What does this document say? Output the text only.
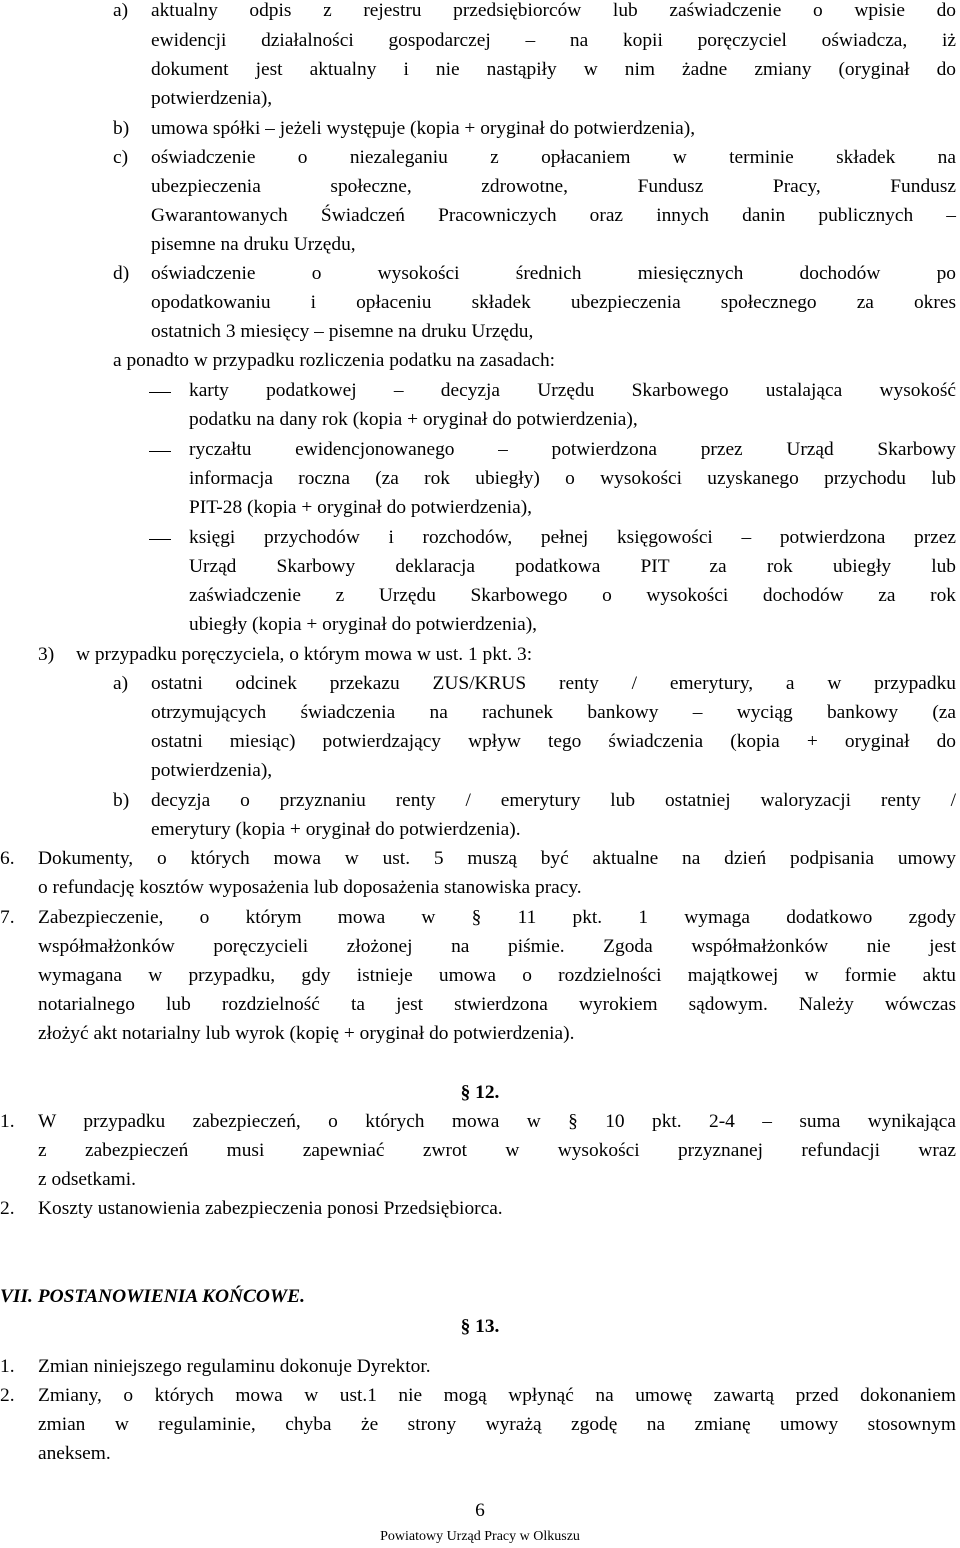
a) aktualny odpis z rejestru przedsiębiorców lub zaświadczenie o wpisie do
ewidencji działalności gospodarczej – na kopii poręczyciel oświadcza, iż
dokument jest aktualny i nie nastąpiły w nim żadne zmiany (oryginał do
potwierdzenia),
b) umowa spółki – jeżeli występuje (kopia + oryginał do potwierdzenia),
c) oświadczenie o niezaleganiu z opłacaniem w terminie składek na
ubezpieczenia społeczne, zdrowotne, Fundusz Pracy, Fundusz
Gwarantowanych Świadczeń Pracowniczych oraz innych danin publicznych –
pisemne na druku Urzędu,
d) oświadczenie o wysokości średnich miesięcznych dochodów po
opodatkowaniu i opłaceniu składek ubezpieczenia społecznego za okres
ostatnich 3 miesięcy – pisemne na druku Urzędu,
a ponadto w przypadku rozliczenia podatku na zasadach:
karty podatkowej – decyzja Urzędu Skarbowego ustalająca wysokość
podatku na dany rok (kopia + oryginał do potwierdzenia),
ryczałtu ewidencjonowanego – potwierdzona przez Urząd Skarbowy
informacja roczna (za rok ubiegły) o wysokości uzyskanego przychodu lub
PIT-28 (kopia + oryginał do potwierdzenia),
księgi przychodów i rozchodów, pełnej księgowości – potwierdzona przez
Urząd Skarbowy deklaracja podatkowa PIT za rok ubiegły lub
zaświadczenie z Urzędu Skarbowego o wysokości dochodów za rok
ubiegły (kopia + oryginał do potwierdzenia),
3) w przypadku poręczyciela, o którym mowa w ust. 1 pkt. 3:
a) ostatni odcinek przekazu ZUS/KRUS renty / emerytury, a w przypadku
otrzymujących świadczenia na rachunek bankowy – wyciąg bankowy (za
ostatni miesiąc) potwierdzający wpływ tego świadczenia (kopia + oryginał do
potwierdzenia),
b) decyzja o przyznaniu renty / emerytury lub ostatniej waloryzacji renty /
emerytury (kopia + oryginał do potwierdzenia).
6. Dokumenty, o których mowa w ust. 5 muszą być aktualne na dzień podpisania umowy
o refundację kosztów wyposażenia lub doposażenia stanowiska pracy.
7. Zabezpieczenie, o którym mowa w § 11 pkt. 1 wymaga dodatkowo zgody
współmałżonków poręczycieli złożonej na piśmie. Zgoda współmałżonków nie jest
wymagana w przypadku, gdy istnieje umowa o rozdzielności majątkowej w formie aktu
notarialnego lub rozdzielność ta jest stwierdzona wyrokiem sądowym. Należy wówczas
złożyć akt notarialny lub wyrok (kopię + oryginał do potwierdzenia).
§ 12.
1. W przypadku zabezpieczeń, o których mowa w § 10 pkt. 2-4 – suma wynikająca
z zabezpieczeń musi zapewniać zwrot w wysokości przyznanej refundacji wraz
z odsetkami.
2. Koszty ustanowienia zabezpieczenia ponosi Przedsiębiorca.
VII. POSTANOWIENIA KOŃCOWE.
§ 13.
1. Zmian niniejszego regulaminu dokonuje Dyrektor.
2. Zmiany, o których mowa w ust.1 nie mogą wpłynąć na umowę zawartą przed dokonaniem
zmian w regulaminie, chyba że strony wyrażą zgodę na zmianę umowy stosownym
aneksem.
6
Powiatowy Urząd Pracy w Olkuszu
